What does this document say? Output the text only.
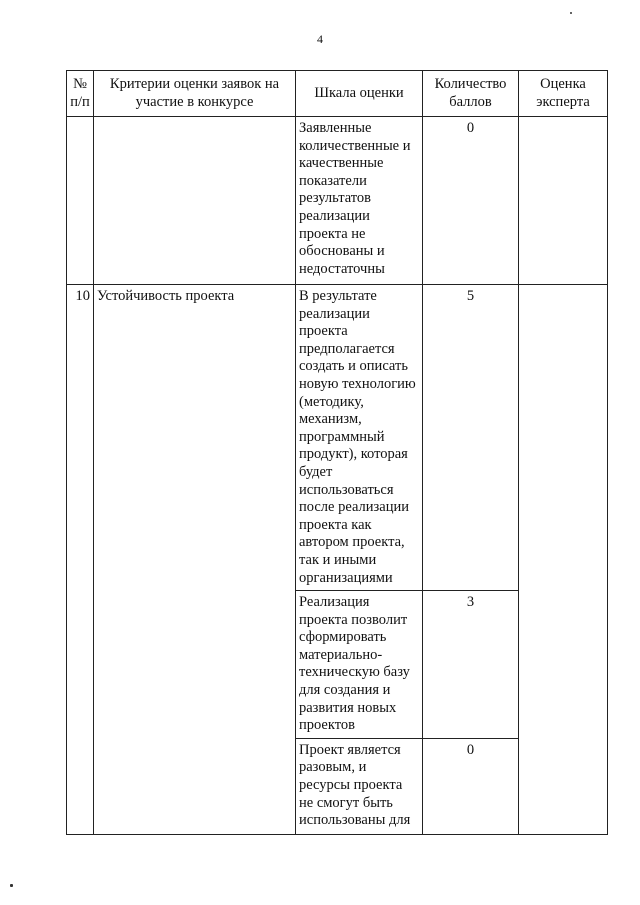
4
№ п/п	Критерии оценки заявок на участие в конкурсе	Шкала оценки	Количество баллов	Оценка эксперта
		Заявленные количественные и качественные показатели результатов реализации проекта не обоснованы и недостаточны	0	
10	Устойчивость проекта	В результате реализации проекта предполагается создать и описать новую технологию (методику, механизм, программный продукт), которая будет использоваться после реализации проекта как автором проекта, так и иными организациями	5	
		Реализация проекта позволит сформировать материально-техническую базу для создания и развития новых проектов	3	
		Проект является разовым, и ресурсы проекта не смогут быть использованы для	0	
